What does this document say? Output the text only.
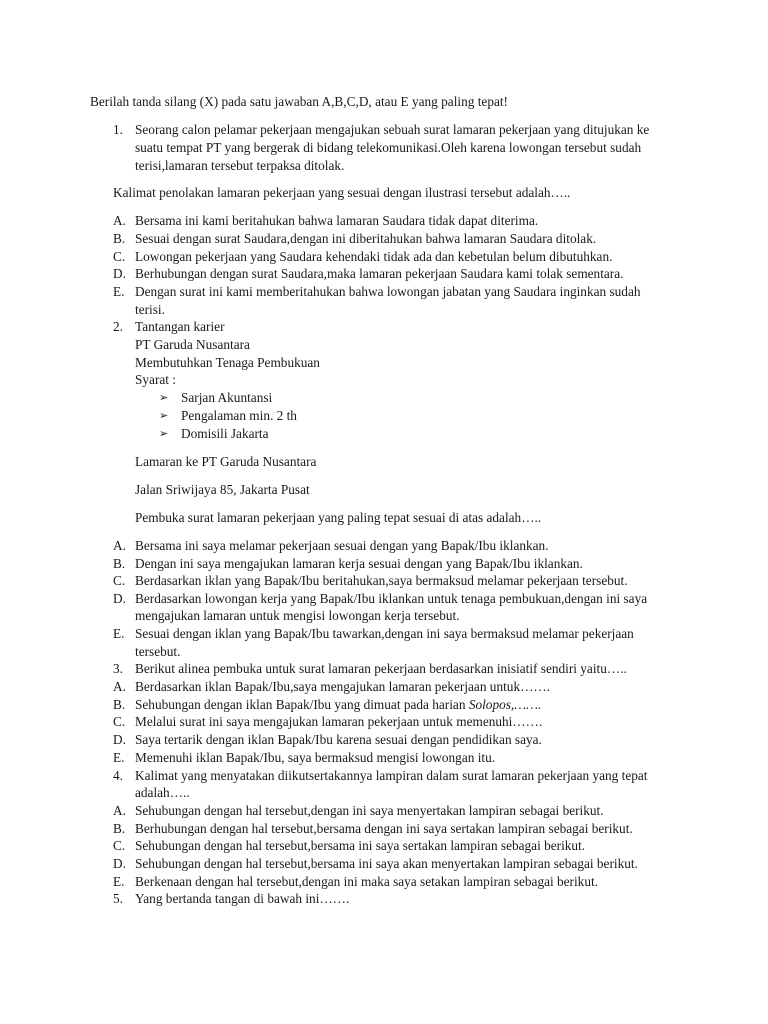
Berilah tanda silang (X) pada satu jawaban A,B,C,D, atau E yang paling tepat!

1. Seorang calon pelamar pekerjaan mengajukan sebuah surat lamaran pekerjaan yang ditujukan ke

suatu tempat PT yang bergerak di bidang telekomunikasi.Oleh karena lowongan tersebut sudah

terisi,lamaran tersebut terpaksa ditolak.

Kalimat penolakan lamaran pekerjaan yang sesuai dengan ilustrasi tersebut adalah…..

A. Bersama ini kami beritahukan bahwa lamaran Saudara tidak dapat diterima.

B. Sesuai dengan surat Saudara,dengan ini diberitahukan bahwa lamaran Saudara ditolak.

C. Lowongan pekerjaan yang Saudara kehendaki tidak ada dan kebetulan belum dibutuhkan.

D. Berhubungan dengan surat Saudara,maka lamaran pekerjaan Saudara kami tolak sementara.

E. Dengan surat ini kami memberitahukan bahwa lowongan jabatan yang Saudara inginkan sudah

terisi.

2. Tantangan karier

PT Garuda Nusantara

Membutuhkan Tenaga Pembukuan

Syarat :

➢ Sarjan Akuntansi

➢ Pengalaman min. 2 th

➢ Domisili Jakarta

Lamaran ke PT Garuda Nusantara

Jalan Sriwijaya 85, Jakarta Pusat

Pembuka surat lamaran pekerjaan yang paling tepat sesuai di atas adalah…..

A. Bersama ini saya melamar pekerjaan sesuai dengan yang Bapak/Ibu iklankan.

B. Dengan ini saya mengajukan lamaran kerja sesuai dengan yang Bapak/Ibu iklankan.

C. Berdasarkan iklan yang Bapak/Ibu beritahukan,saya bermaksud melamar pekerjaan tersebut.

D. Berdasarkan lowongan kerja yang Bapak/Ibu iklankan untuk tenaga pembukuan,dengan ini saya

mengajukan lamaran untuk mengisi lowongan kerja tersebut.

E. Sesuai dengan iklan yang Bapak/Ibu tawarkan,dengan ini saya bermaksud melamar pekerjaan

tersebut.

3. Berikut alinea pembuka untuk surat lamaran pekerjaan berdasarkan inisiatif sendiri yaitu…..

A. Berdasarkan iklan Bapak/Ibu,saya mengajukan lamaran pekerjaan untuk…….

B. Sehubungan dengan iklan Bapak/Ibu yang dimuat pada harian Solopos,…….

C. Melalui surat ini saya mengajukan lamaran pekerjaan untuk memenuhi…….

D. Saya tertarik dengan iklan Bapak/Ibu karena sesuai dengan pendidikan saya.

E. Memenuhi iklan Bapak/Ibu, saya bermaksud mengisi lowongan itu.

4. Kalimat yang menyatakan diikutsertakannya lampiran dalam surat lamaran pekerjaan yang tepat

adalah…..

A. Sehubungan dengan hal tersebut,dengan ini saya menyertakan lampiran sebagai berikut.

B. Berhubungan dengan hal tersebut,bersama dengan ini saya sertakan lampiran sebagai berikut.

C. Sehubungan dengan hal tersebut,bersama ini saya sertakan lampiran sebagai berikut.

D. Sehubungan dengan hal tersebut,bersama ini saya akan menyertakan lampiran sebagai berikut.

E. Berkenaan dengan hal tersebut,dengan ini maka saya setakan lampiran sebagai berikut.

5. Yang bertanda tangan di bawah ini…….
